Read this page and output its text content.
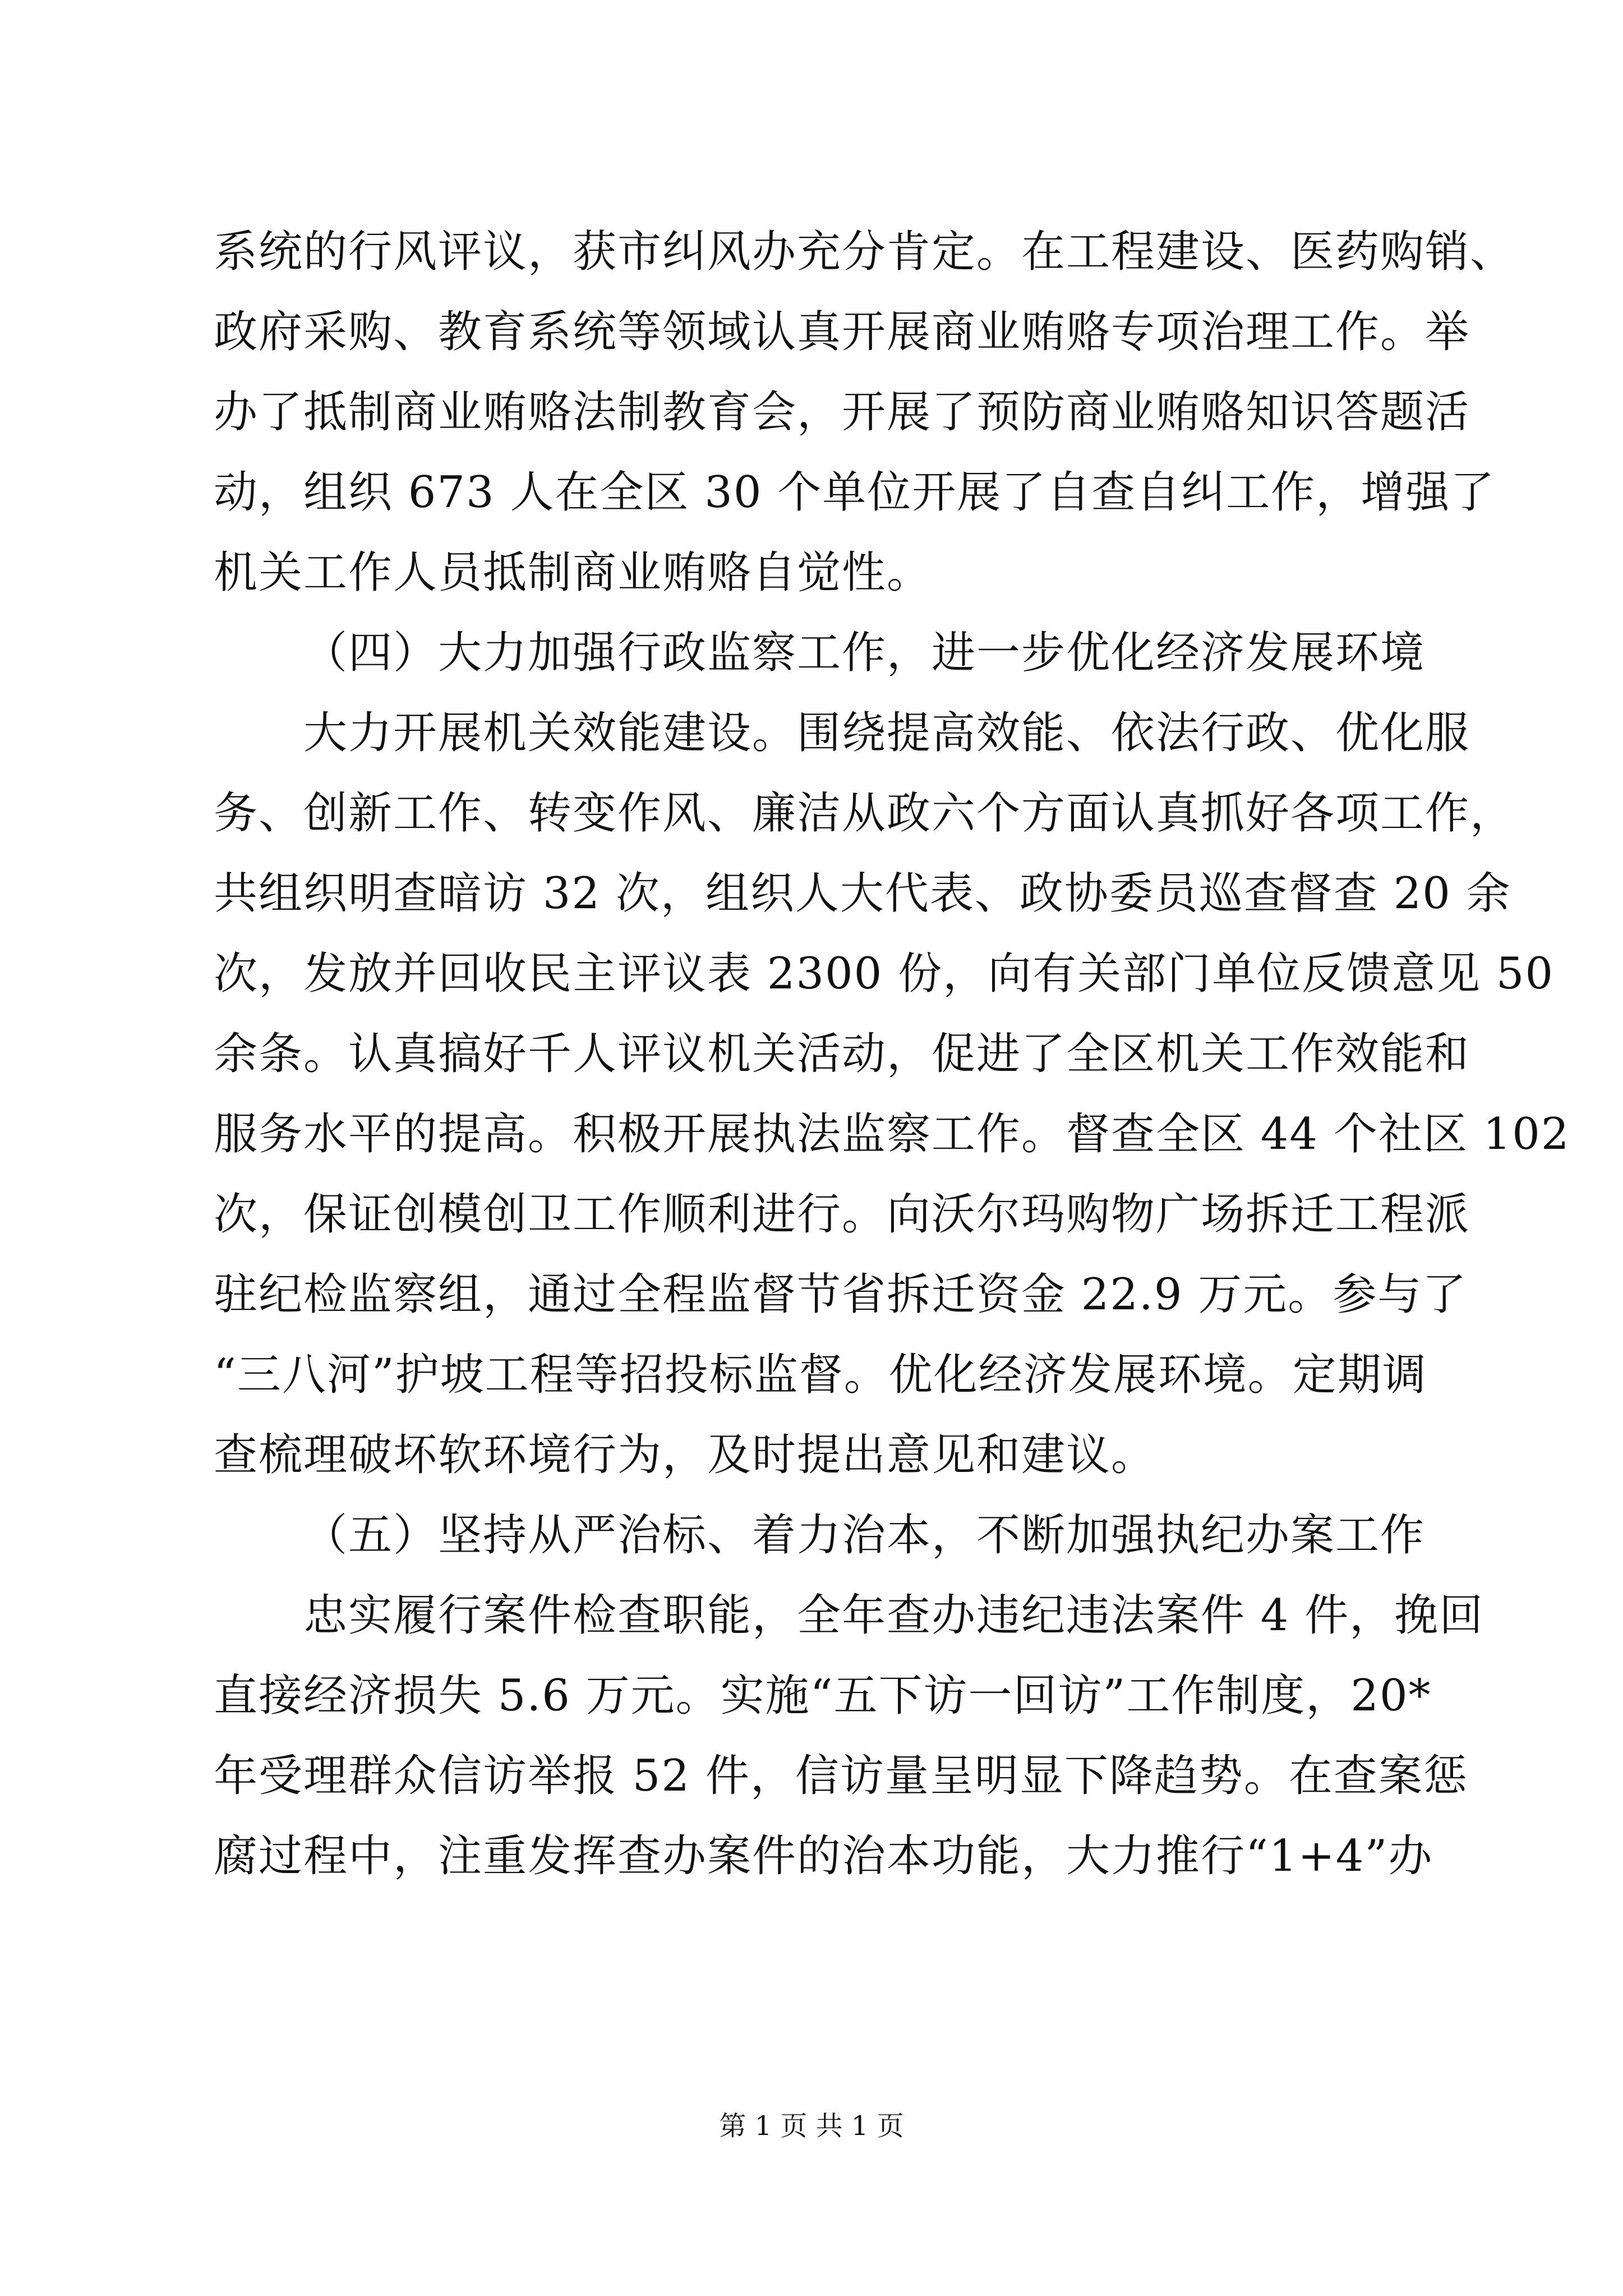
系统的行风评议，获市纠风办充分肯定。在工程建设、医药购销、
政府采购、教育系统等领域认真开展商业贿赂专项治理工作。举
办了抵制商业贿赂法制教育会，开展了预防商业贿赂知识答题活
动，组织 673 人在全区 30 个单位开展了自查自纠工作，增强了
机关工作人员抵制商业贿赂自觉性。
（四）大力加强行政监察工作，进一步优化经济发展环境
大力开展机关效能建设。围绕提高效能、依法行政、优化服
务、创新工作、转变作风、廉洁从政六个方面认真抓好各项工作，
共组织明查暗访 32 次，组织人大代表、政协委员巡查督查 20 余
次，发放并回收民主评议表 2300 份，向有关部门单位反馈意见 50
余条。认真搞好千人评议机关活动，促进了全区机关工作效能和
服务水平的提高。积极开展执法监察工作。督查全区 44 个社区 102
次，保证创模创卫工作顺利进行。向沃尔玛购物广场拆迁工程派
驻纪检监察组，通过全程监督节省拆迁资金 22.9 万元。参与了
“三八河”护坡工程等招投标监督。优化经济发展环境。定期调
查梳理破坏软环境行为，及时提出意见和建议。
（五）坚持从严治标、着力治本，不断加强执纪办案工作
忠实履行案件检查职能，全年查办违纪违法案件 4 件，挽回
直接经济损失 5.6 万元。实施“五下访一回访”工作制度，20*
年受理群众信访举报 52 件，信访量呈明显下降趋势。在查案惩
腐过程中，注重发挥查办案件的治本功能，大力推行“1+4”办
第 1 页 共 1 页
